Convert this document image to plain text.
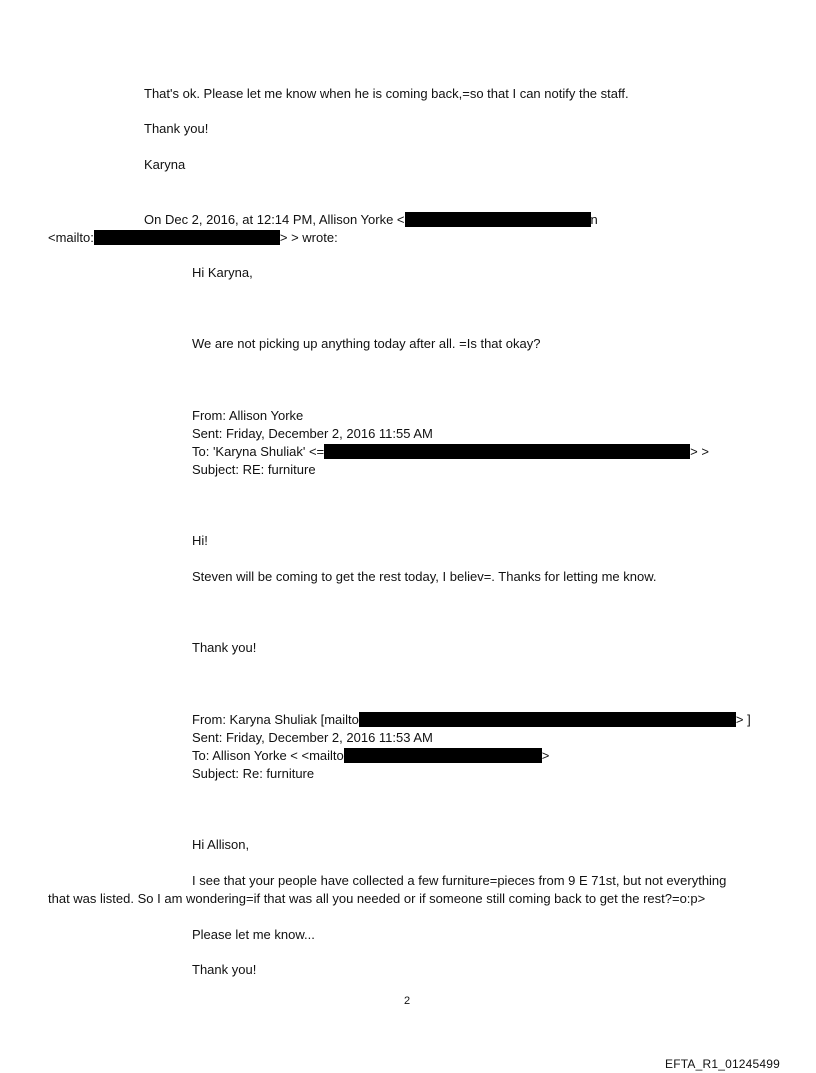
That's ok. Please let me know when he is coming back,=so that I can notify the staff.
Thank you!
Karyna
On Dec 2, 2016, at 12:14 PM, Allison Yorke <	n
<mailto:	> > wrote:
Hi Karyna,
We are not picking up anything today after all. =Is that okay?
From: Allison Yorke
Sent: Friday, December 2, 2016 11:55 AM
To: 'Karyna Shuliak' <=	> >
Subject: RE: furniture
Hi!
Steven will be coming to get the rest today, I believ=. Thanks for letting me know.
Thank you!
From: Karyna Shuliak [mailto	> ]
Sent: Friday, December 2, 2016 11:53 AM
To: Allison Yorke < <mailto	>
Subject: Re: furniture
Hi Allison,
I see that your people have collected a few furniture=pieces from 9 E 71st, but not everything
that was listed. So I am wondering=if that was all you needed or if someone still coming back to get the rest?=o:p>
Please let me know...
Thank you!
2
EFTA_R1_01245499
